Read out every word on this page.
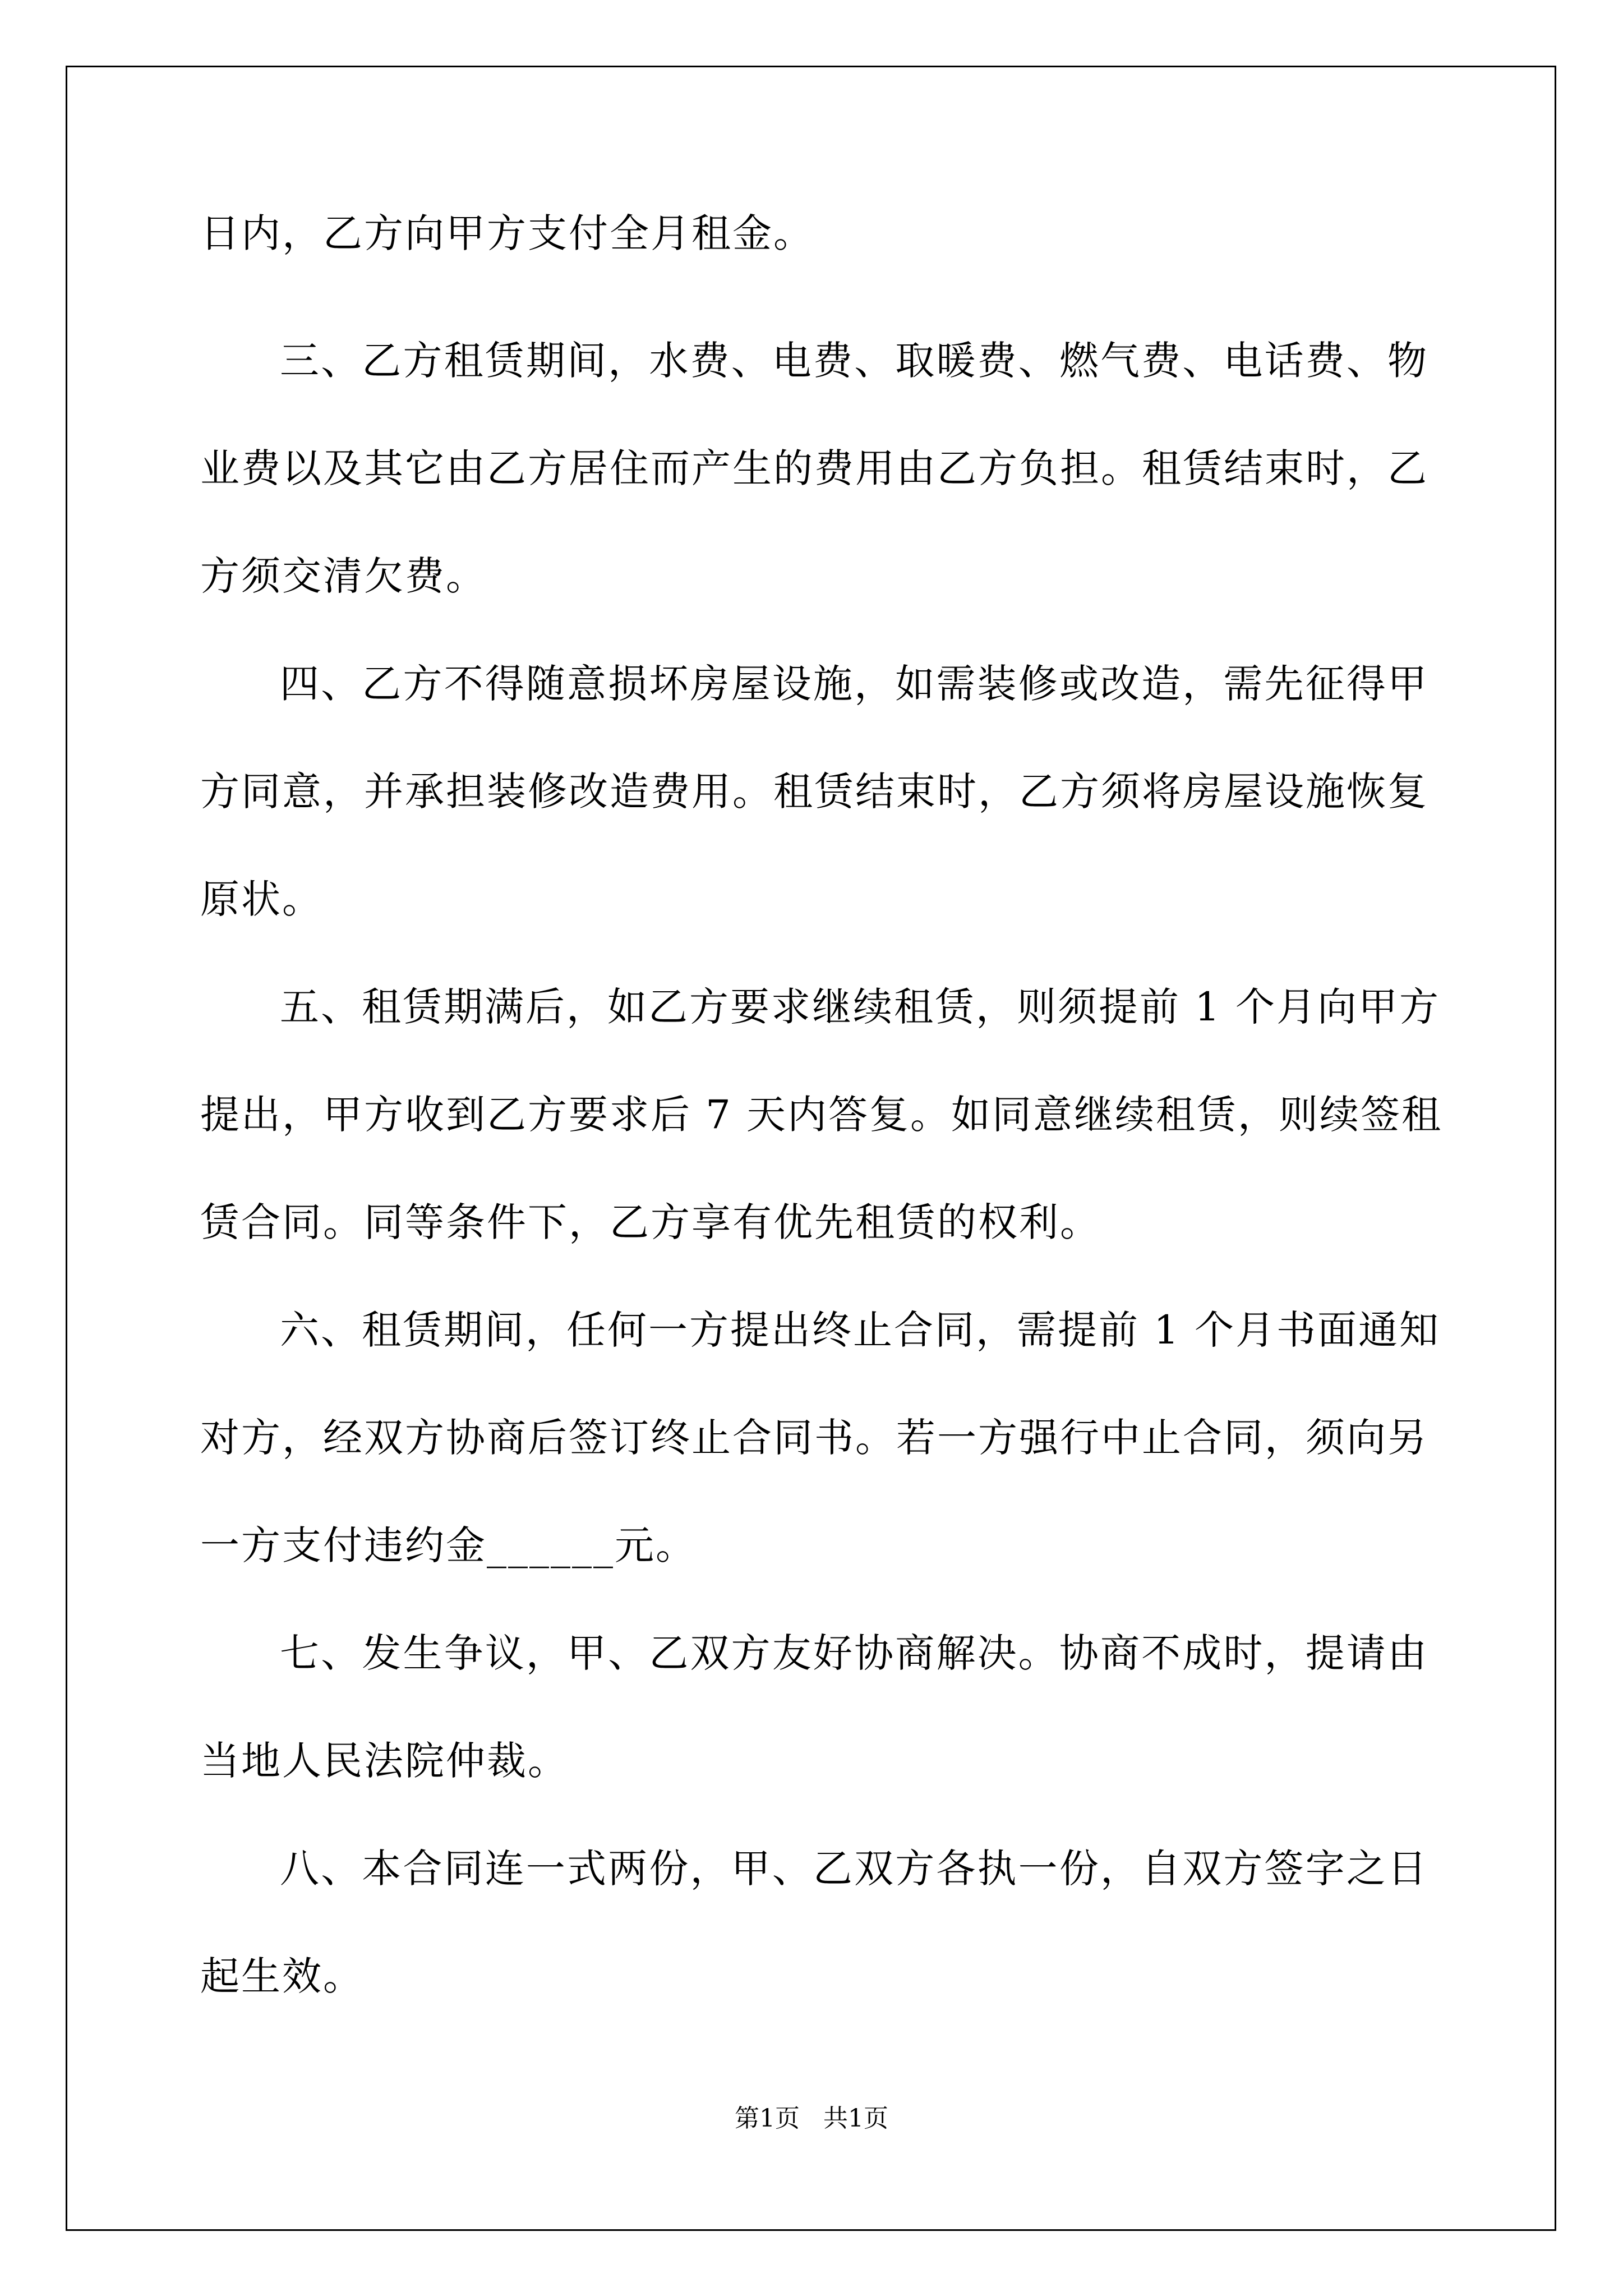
日内，乙方向甲方支付全月租金。
三、乙方租赁期间，水费、电费、取暖费、燃气费、电话费、物
业费以及其它由乙方居住而产生的费用由乙方负担。租赁结束时，乙
方须交清欠费。
四、乙方不得随意损坏房屋设施，如需装修或改造，需先征得甲
方同意，并承担装修改造费用。租赁结束时，乙方须将房屋设施恢复
原状。
五、租赁期满后，如乙方要求继续租赁，则须提前 1 个月向甲方
提出，甲方收到乙方要求后 7 天内答复。如同意继续租赁，则续签租
赁合同。同等条件下，乙方享有优先租赁的权利。
六、租赁期间，任何一方提出终止合同，需提前 1 个月书面通知
对方，经双方协商后签订终止合同书。若一方强行中止合同，须向另
一方支付违约金______元。
七、发生争议，甲、乙双方友好协商解决。协商不成时，提请由
当地人民法院仲裁。
八、本合同连一式两份，甲、乙双方各执一份，自双方签字之日
起生效。
第1页   共1页
